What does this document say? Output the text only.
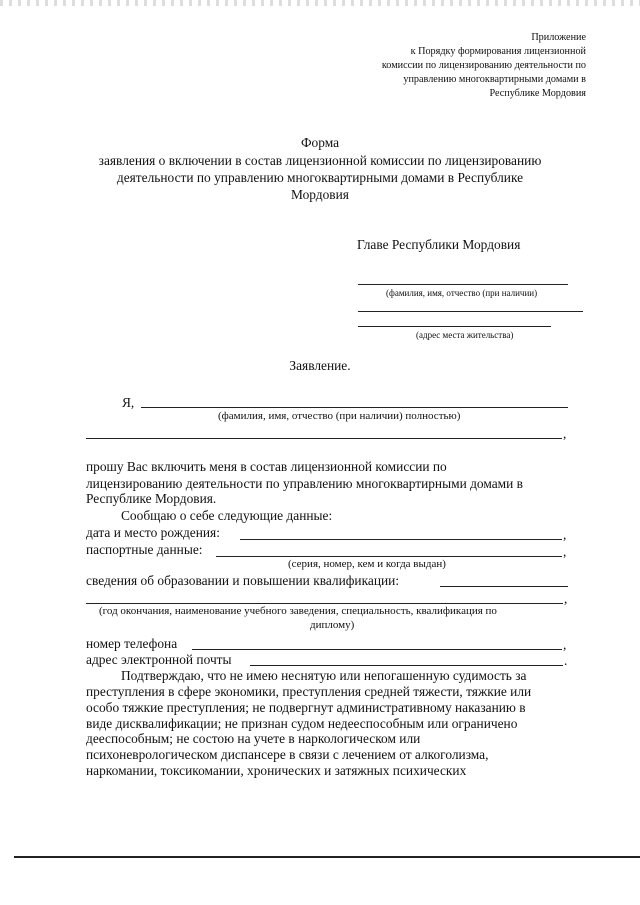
Приложение
к Порядку формирования лицензионной
комиссии по лицензированию деятельности по
управлению многоквартирными домами в
Республике Мордовия
Форма
заявления о включении в состав лицензионной комиссии по лицензированию
деятельности по управлению многоквартирными домами в Республике
Мордовия
Главе Республики Мордовия
(фамилия, имя, отчество (при наличии)
(адрес места жительства)
Заявление.
Я,
(фамилия, имя, отчество (при наличии) полностью)
,
прошу Вас включить меня в состав лицензионной комиссии по
лицензированию деятельности по управлению многоквартирными домами в
Республике Мордовия.
Сообщаю о себе следующие данные:
дата и место рождения:	,
паспортные данные:	,
(серия, номер, кем и когда выдан)
сведения об образовании и повышении квалификации:
,
(год окончания, наименование учебного заведения, специальность, квалификация по
диплому)
номер телефона	,
адрес электронной почты	.
Подтверждаю, что не имею неснятую или непогашенную судимость за
преступления в сфере экономики, преступления средней тяжести, тяжкие или
особо тяжкие преступления; не подвергнут административному наказанию в
виде дисквалификации; не признан судом недееспособным или ограничено
дееспособным; не состою на учете в наркологическом или
психоневрологическом диспансере в связи с лечением от алкоголизма,
наркомании, токсикомании, хронических и затяжных психических
